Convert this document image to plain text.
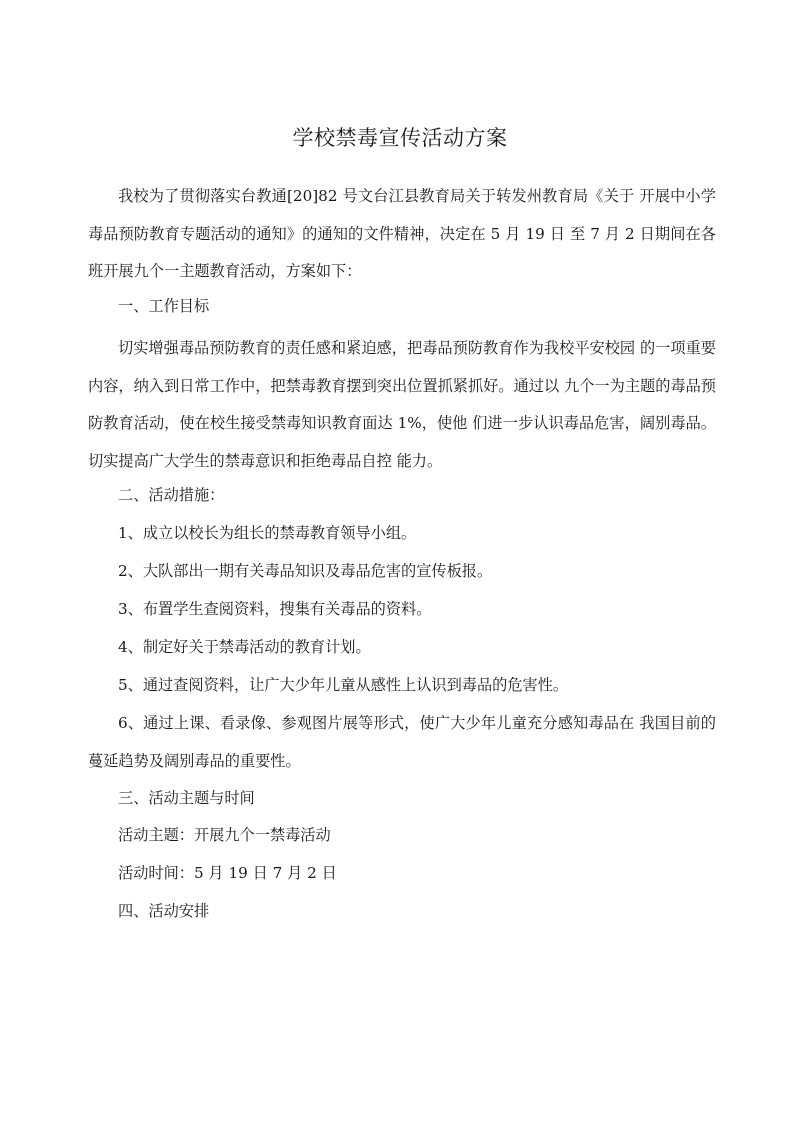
学校禁毒宣传活动方案

我校为了贯彻落实台教通[20]82 号文台江县教育局关于转发州教育局《关于 开展中小学毒品预防教育专题活动的通知》的通知的文件精神，决定在 5 月 19 日 至 7 月 2 日期间在各班开展九个一主题教育活动，方案如下：

一、工作目标

切实增强毒品预防教育的责任感和紧迫感，把毒品预防教育作为我校平安校园 的一项重要内容，纳入到日常工作中，把禁毒教育摆到突出位置抓紧抓好。通过以 九个一为主题的毒品预防教育活动，使在校生接受禁毒知识教育面达 1%，使他 们进一步认识毒品危害，阔别毒品。切实提高广大学生的禁毒意识和拒绝毒品自控 能力。

二、活动措施：

1、成立以校长为组长的禁毒教育领导小组。

2、大队部出一期有关毒品知识及毒品危害的宣传板报。

3、布置学生查阅资料，搜集有关毒品的资料。

4、制定好关于禁毒活动的教育计划。

5、通过查阅资料，让广大少年儿童从感性上认识到毒品的危害性。

6、通过上课、看录像、参观图片展等形式，使广大少年儿童充分感知毒品在 我国目前的蔓延趋势及阔别毒品的重要性。

三、活动主题与时间

活动主题：开展九个一禁毒活动

活动时间：5 月 19 日 7 月 2 日

四、活动安排
